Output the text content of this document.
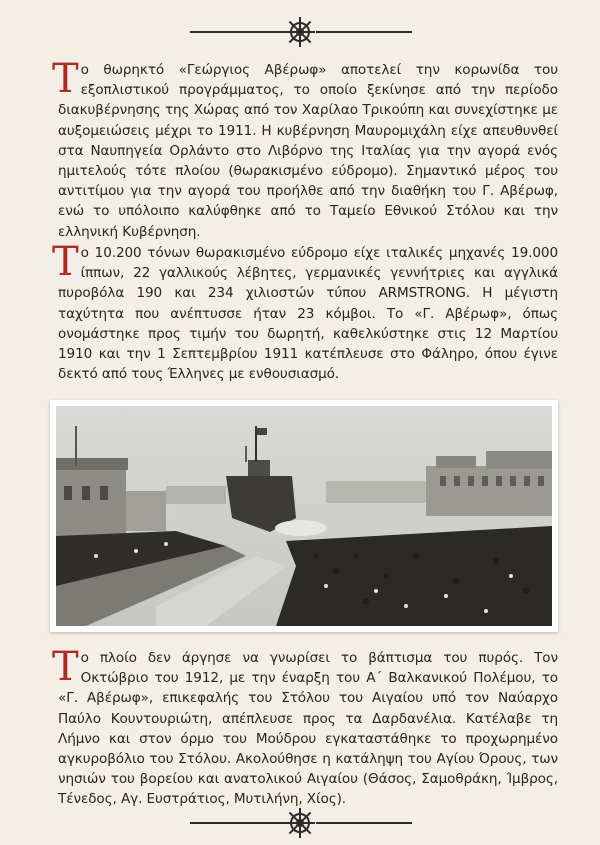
Το θωρηκτό «Γεώργιος Αβέρωφ» αποτελεί την κορωνίδα του εξοπλιστικού προγράμματος, το οποίο ξεκίνησε από την περίοδο διακυβέρνησης της Χώρας από τον Χαρίλαο Τρικούπη και συνεχίστηκε με αυξομειώσεις μέχρι το 1911. Η κυβέρνηση Μαυρομιχάλη είχε απευθυνθεί στα Ναυπηγεία Ορλάντο στο Λιβόρνο της Ιταλίας για την αγορά ενός ημιτελούς τότε πλοίου (θωρακισμένο εύδρομο). Σημαντικό μέρος του αντιτίμου για την αγορά του προήλθε από την διαθήκη του Γ. Αβέρωφ, ενώ το υπόλοιπο καλύφθηκε από το Ταμείο Εθνικού Στόλου και την ελληνική Κυβέρνηση.
Το 10.200 τόνων θωρακισμένο εύδρομο είχε ιταλικές μηχανές 19.000 ίππων, 22 γαλλικούς λέβητες, γερμανικές γεννήτριες και αγγλικά πυροβόλα 190 και 234 χιλιοστών τύπου ARMSTRONG. Η μέγιστη ταχύτητα που ανέπτυσσε ήταν 23 κόμβοι. Το «Γ. Αβέρωφ», όπως ονομάστηκε προς τιμήν του δωρητή, καθελκύστηκε στις 12 Μαρτίου 1910 και την 1 Σεπτεμβρίου 1911 κατέπλευσε στο Φάληρο, όπου έγινε δεκτό από τους Έλληνες με ενθουσιασμό.
Το πλοίο δεν άργησε να γνωρίσει το βάπτισμα του πυρός. Τον Οκτώβριο του 1912, με την έναρξη του Α΄ Βαλκανικού Πολέμου, το «Γ. Αβέρωφ», επικεφαλής του Στόλου του Αιγαίου υπό τον Ναύαρχο Παύλο Κουντουριώτη, απέπλευσε προς τα Δαρδανέλια. Κατέλαβε τη Λήμνο και στον όρμο του Μούδρου εγκαταστάθηκε το προχωρημένο αγκυροβόλιο του Στόλου. Ακολούθησε η κατάληψη του Αγίου Όρους, των νησιών του βορείου και ανατολικού Αιγαίου (Θάσος, Σαμοθράκη, Ίμβρος, Τένεδος, Αγ. Ευστράτιος, Μυτιλήνη, Χίος).
